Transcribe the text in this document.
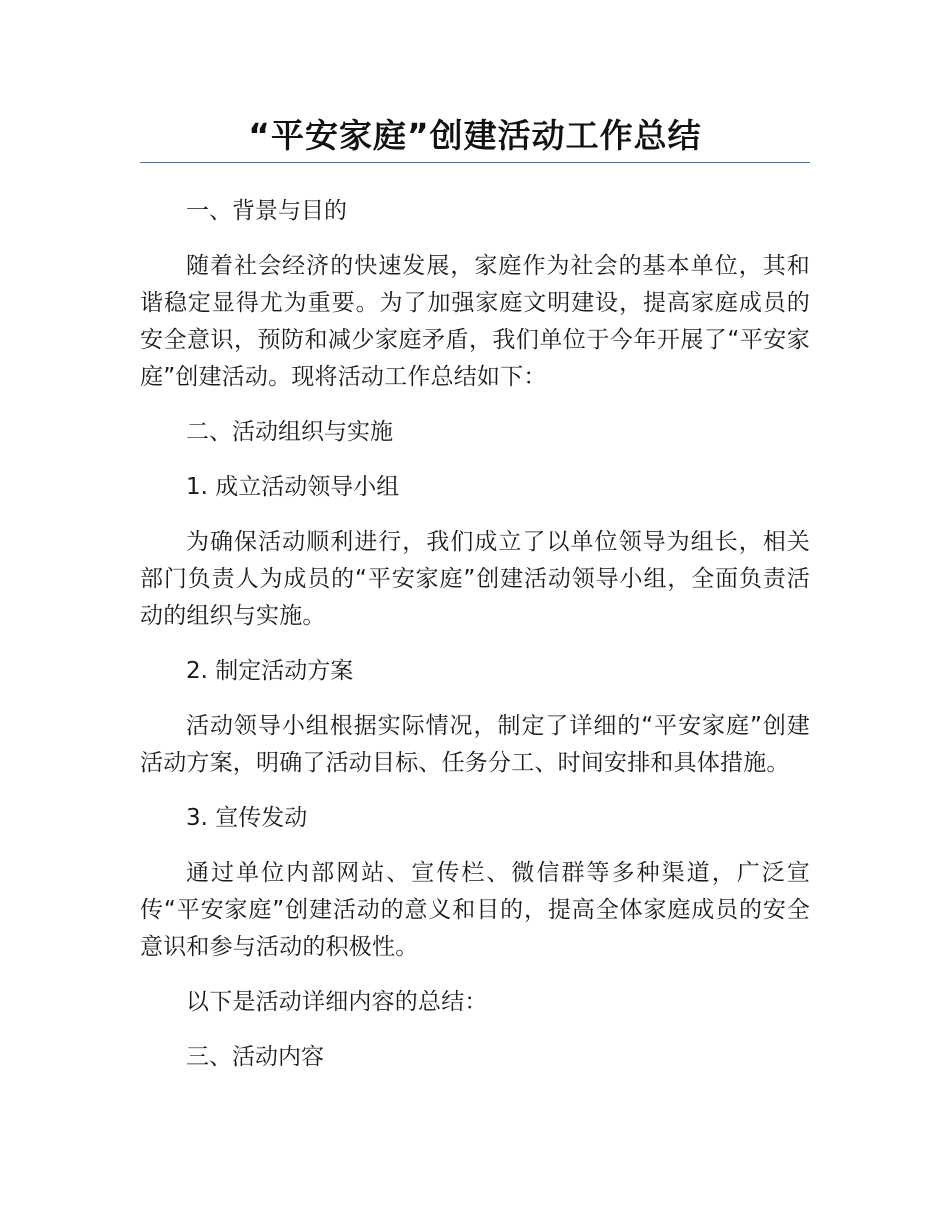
“平安家庭”创建活动工作总结
一、背景与目的

随着社会经济的快速发展，家庭作为社会的基本单位，其和谐稳定显得尤为重要。为了加强家庭文明建设，提高家庭成员的安全意识，预防和减少家庭矛盾，我们单位于今年开展了“平安家庭”创建活动。现将活动工作总结如下：

二、活动组织与实施
1. 成立活动领导小组

为确保活动顺利进行，我们成立了以单位领导为组长，相关部门负责人为成员的“平安家庭”创建活动领导小组，全面负责活动的组织与实施。

2. 制定活动方案

活动领导小组根据实际情况，制定了详细的“平安家庭”创建活动方案，明确了活动目标、任务分工、时间安排和具体措施。

3. 宣传发动

通过单位内部网站、宣传栏、微信群等多种渠道，广泛宣传“平安家庭”创建活动的意义和目的，提高全体家庭成员的安全意识和参与活动的积极性。

以下是活动详细内容的总结：

三、活动内容
